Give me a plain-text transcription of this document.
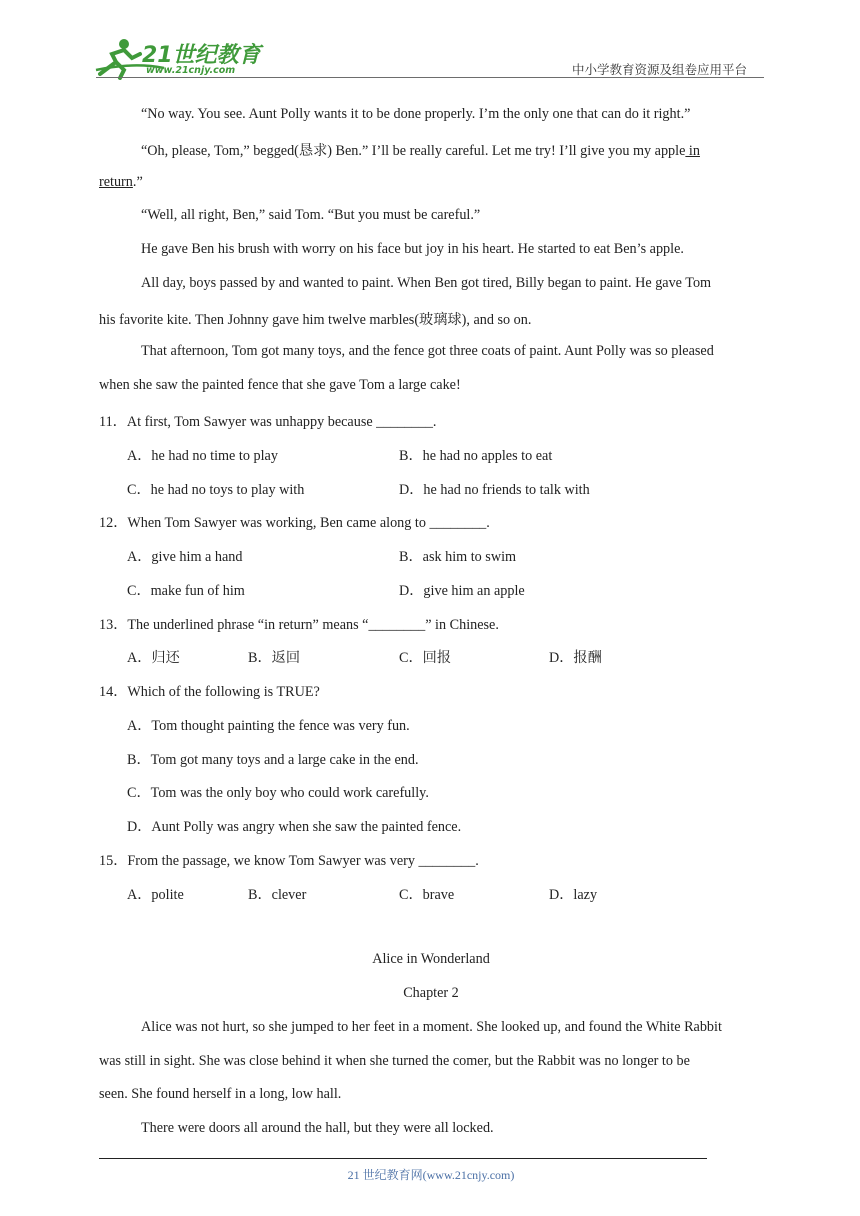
21世纪教育
www.21cnjy.com	中小学教育资源及组卷应用平台
“No way. You see. Aunt Polly wants it to be done properly. I’m the only one that can do it right.”
“Oh, please, Tom,” begged(恳求) Ben.” I’ll be really careful. Let me try! I’ll give you my apple in
return.”
“Well, all right, Ben,” said Tom. “But you must be careful.”
He gave Ben his brush with worry on his face but joy in his heart. He started to eat Ben’s apple.
All day, boys passed by and wanted to paint. When Ben got tired, Billy began to paint. He gave Tom
his favorite kite. Then Johnny gave him twelve marbles(玻璃球), and so on.
That afternoon, Tom got many toys, and the fence got three coats of paint. Aunt Polly was so pleased
when she saw the painted fence that she gave Tom a large cake!
11．At first, Tom Sawyer was unhappy because ________.
A．he had no time to play	B．he had no apples to eat
C．he had no toys to play with	D．he had no friends to talk with
12．When Tom Sawyer was working, Ben came along to ________.
A．give him a hand	B．ask him to swim
C．make fun of him	D．give him an apple
13．The underlined phrase “in return” means “________” in Chinese.
A．归还	B．返回	C．回报	D．报酬
14．Which of the following is TRUE?
A．Tom thought painting the fence was very fun.
B．Tom got many toys and a large cake in the end.
C．Tom was the only boy who could work carefully.
D．Aunt Polly was angry when she saw the painted fence.
15．From the passage, we know Tom Sawyer was very ________.
A．polite	B．clever	C．brave	D．lazy
Alice in Wonderland
Chapter 2
Alice was not hurt, so she jumped to her feet in a moment. She looked up, and found the White Rabbit
was still in sight. She was close behind it when she turned the comer, but the Rabbit was no longer to be
seen. She found herself in a long, low hall.
There were doors all around the hall, but they were all locked.
21 世纪教育网(www.21cnjy.com)
